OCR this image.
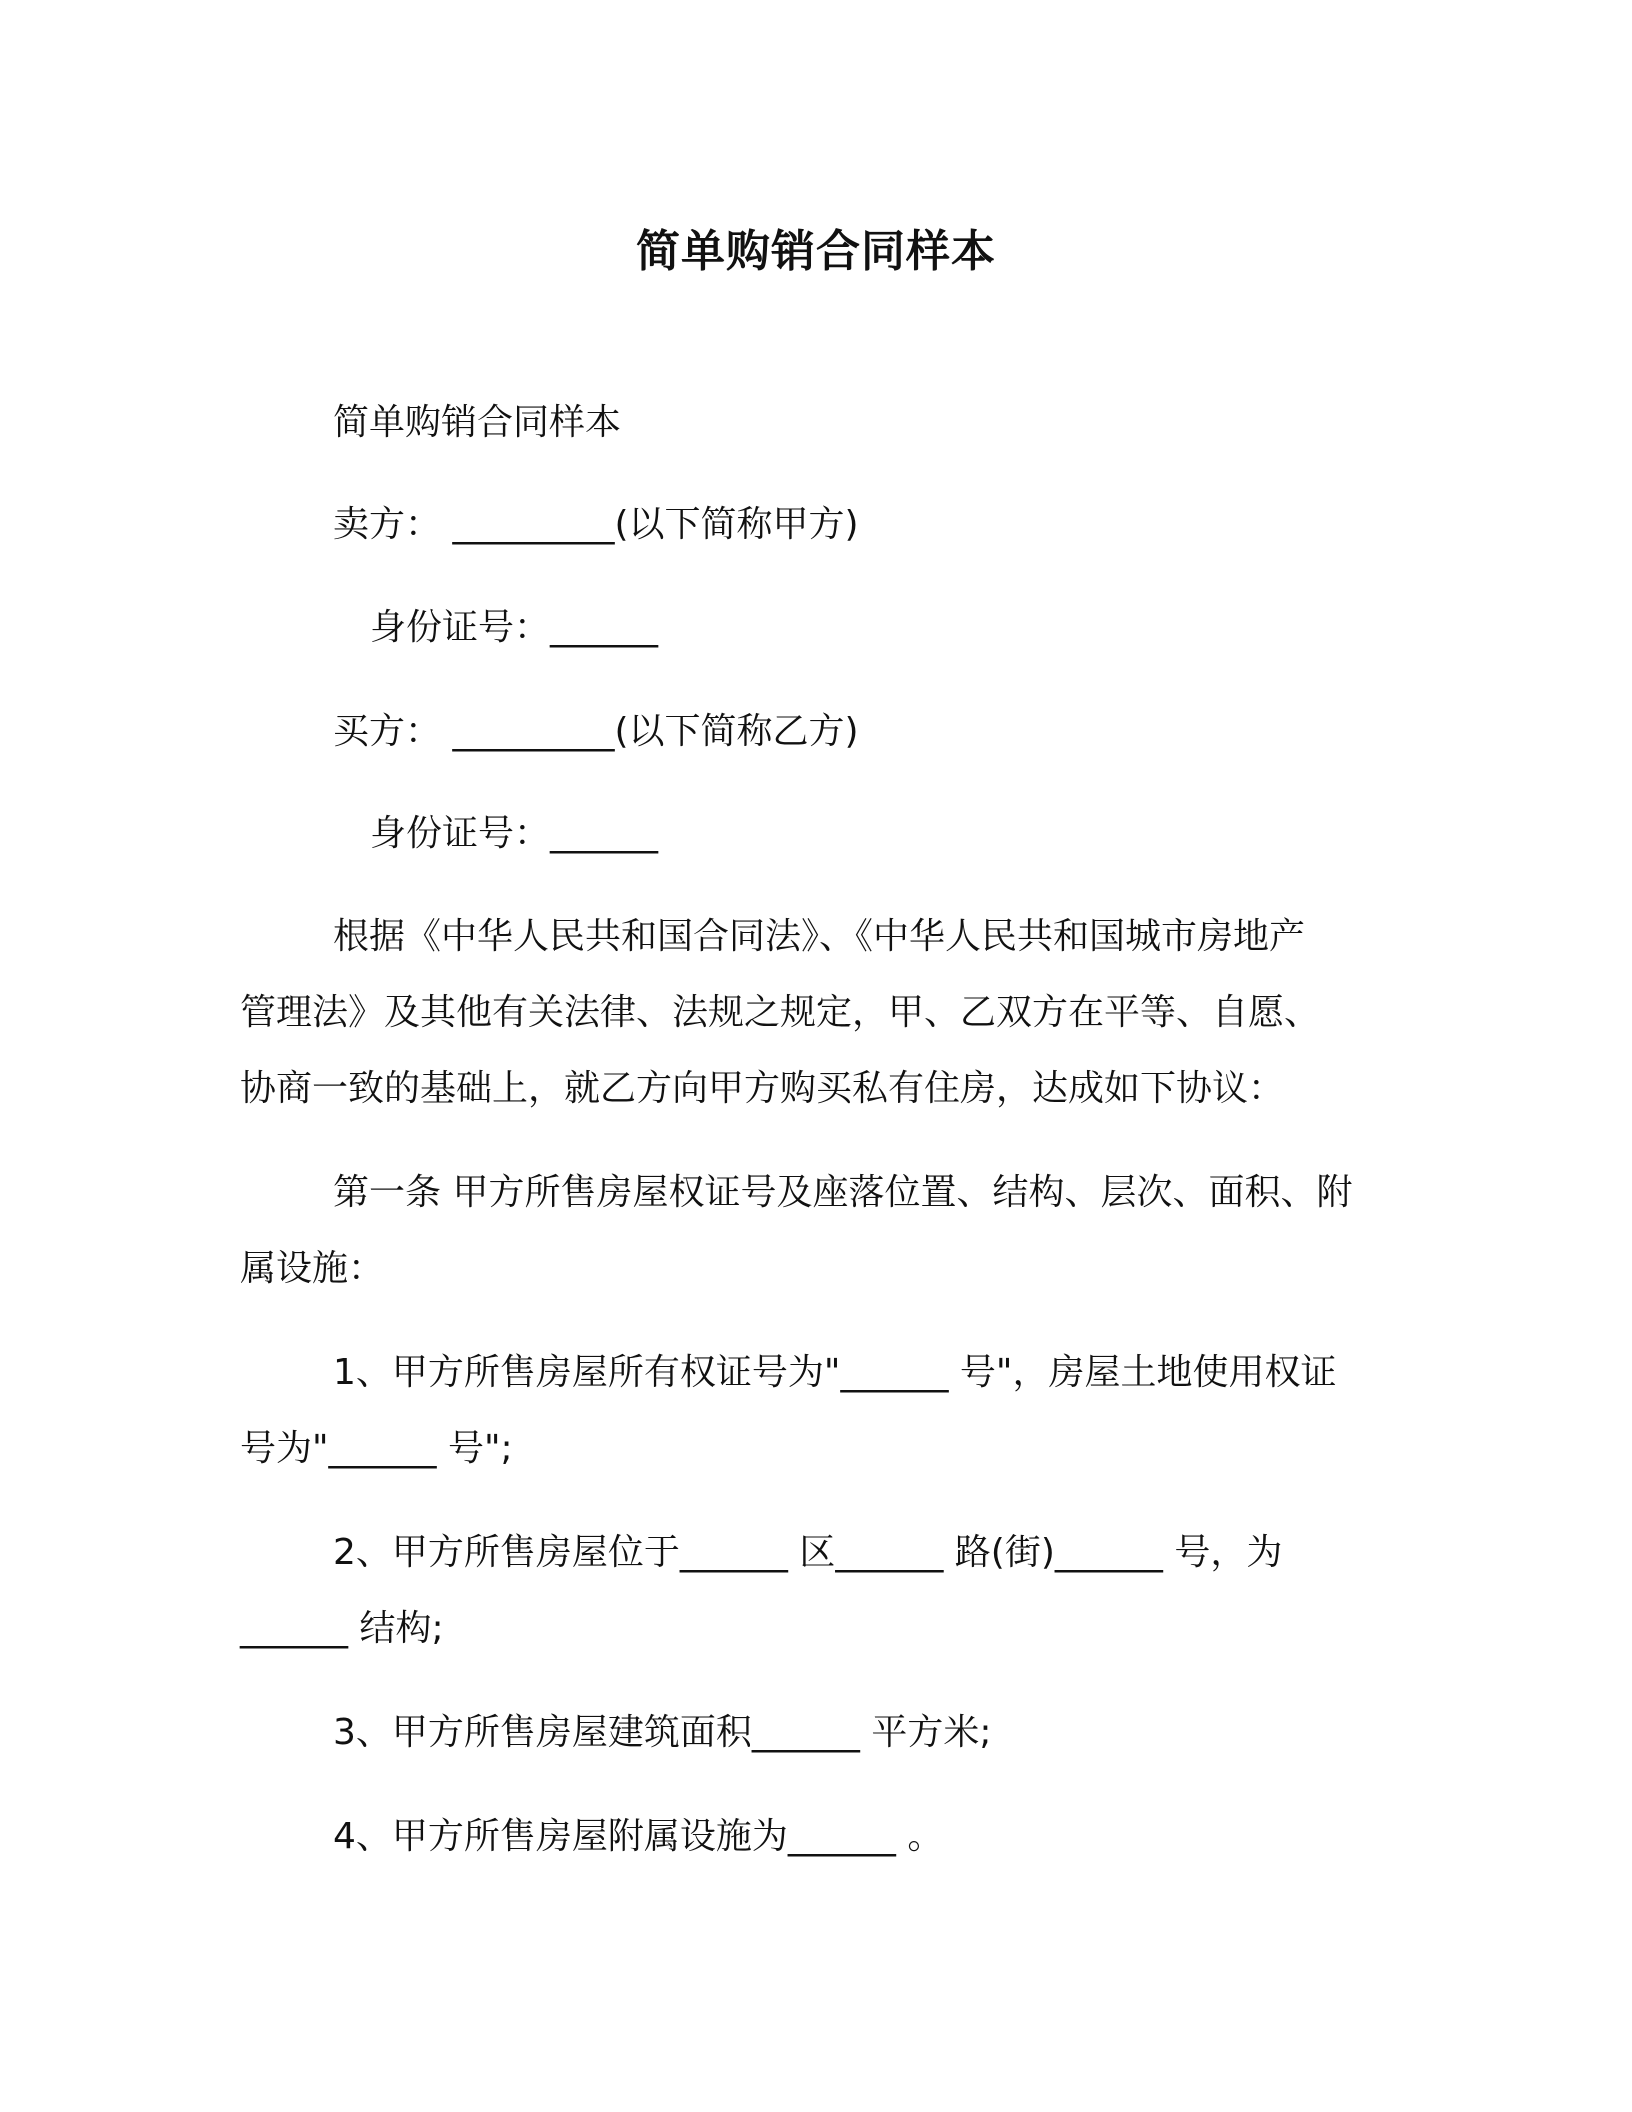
简单购销合同样本
简单购销合同样本
卖方： _________(以下简称甲方)
身份证号：______
买方： _________(以下简称乙方)
身份证号：______
根据《中华人民共和国合同法》、《中华人民共和国城市房地产
管理法》及其他有关法律、法规之规定，甲、乙双方在平等、自愿、
协商一致的基础上，就乙方向甲方购买私有住房，达成如下协议：
第一条 甲方所售房屋权证号及座落位置、结构、层次、面积、附
属设施：
1、甲方所售房屋所有权证号为"______ 号"，房屋土地使用权证
号为"______ 号";
2、甲方所售房屋位于______ 区______ 路(街)______ 号，为
______ 结构;
3、甲方所售房屋建筑面积______ 平方米;
4、甲方所售房屋附属设施为______ 。
